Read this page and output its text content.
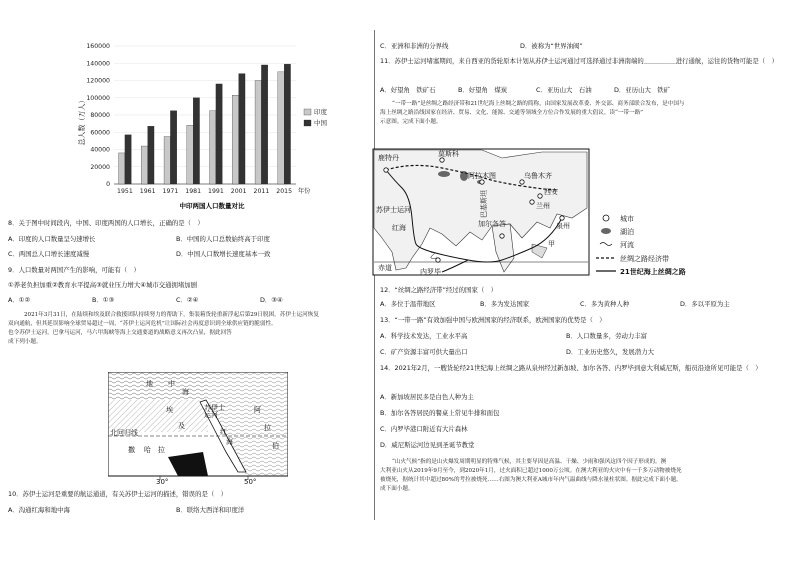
0
20000
40000
60000
80000
100000
120000
140000
160000
1951 1961 1971 1981 1991 2001 2011 2015 年份
印度
中国
总人数（万人）
中印两国人口数量对比
8．关于图中时间段内，中国、印度两国的人口增长，正确的是（　）
A．印度的人口数量呈匀速增长	B．中国的人口总数始终高于印度
C．两国总人口增长速度减慢	D．中国人口数增长速度基本一致
9．人口数量对两国产生的影响，可能有（　）
①养老负担加重②教育水平提高③就业压力增大④城市交通拥堵加剧
A．①②	B．①③	C．②④	D．③④
2021年3月31日，在陆续和埃及联合救援团队持续努力的帮助下，集装箱货轮重新浮起后第29日脱困。苏伊士运河恢复
双向通航，但其延误影响全球贸易超过一周，“苏伊士运河危机”让国际社会再度意识到全球供应链的脆弱性。
也令苏伊士运河，巴拿马运河，马六甲海峡等海上交通要道的战略意义再次凸显，据此回答
成下列小题。
地 中
海
苏伊士
运河
埃
及
红
海
北回归线
撒 哈 拉
阿
拉
伯
30°	50°
10．苏伊士运河是重要的航运通道，有关苏伊士运河的描述，错误的是（　）
A．沟通红海和地中海	B．联络大西洋和印度洋
C．亚洲和非洲的分界线	D．被称为“世界油阀”
11．苏伊士运河堵塞期间，来自西亚的货轮原本计划从苏伊士运河通过可选择通过非洲南端的＿＿＿＿＿进行通航，运往的货物可能是（　）
A．好望角　铁矿石	B．好望角　煤炭	C．亚历山大　石油	D．亚历山大　铁矿
“一带一路”是丝绸之路经济带和21世纪海上丝绸之路的简称，由国家发展改革委、外交部、商务部联合发布，是中国与
海上丝绸之路沿线国家在经济、贸易、文化、能源、交通等领域全方位合作发展的重大倡议。读“一带一路”
示意图。完成下面小题。
鹿特丹	莫斯科
阿拉木图	乌鲁木齐
西安
兰州
苏伊士运河	巴基斯坦
加尔各答	泉州
红海
内罗毕
赤道
乙
甲
城市
湖泊
河流
丝绸之路经济带
21世纪海上丝绸之路
12．“丝绸之路经济带”经过的国家（　）
A．多位于温带地区	B．多为发达国家	C．多为黄种人种	D．多以平原为主
13．“一带一路”有效加强中国与欧洲国家的经济联系，欧洲国家的优势是（　）
A．科学技术发达，工业水平高	B．人口数量多，劳动力丰富
C．矿产资源丰富可供大量出口	D．工业历史悠久，发展潜力大
14．2021年2月，一艘货轮经21世纪海上丝绸之路从泉州经过新加坡、加尔各答、内罗毕到意大利威尼斯，船员沿途所见可能是（　）
A．新加坡居民多是白色人种为主
B．加尔各答居民的餐桌上常见牛排和面包
C．内罗毕港口附近有大片森林
D．威尼斯运河边见到圣诞节教堂
“山火气候”指的是山火爆发周期明显的特殊气候，其主要导因是高温、干燥、少雨和强风这四个因子形成的。澳
大利亚山火从2019年9月至今，到2020年1月，过火面积已超过1000万公顷。在澳大利亚的火灾中有一千多万动物被烧死
被烧死，据统计其中超过80%的考拉被烧死……右图为澳大利亚A城市年内气温曲线与降水量柱状图。据此完成下面小题。
成下面小题。
